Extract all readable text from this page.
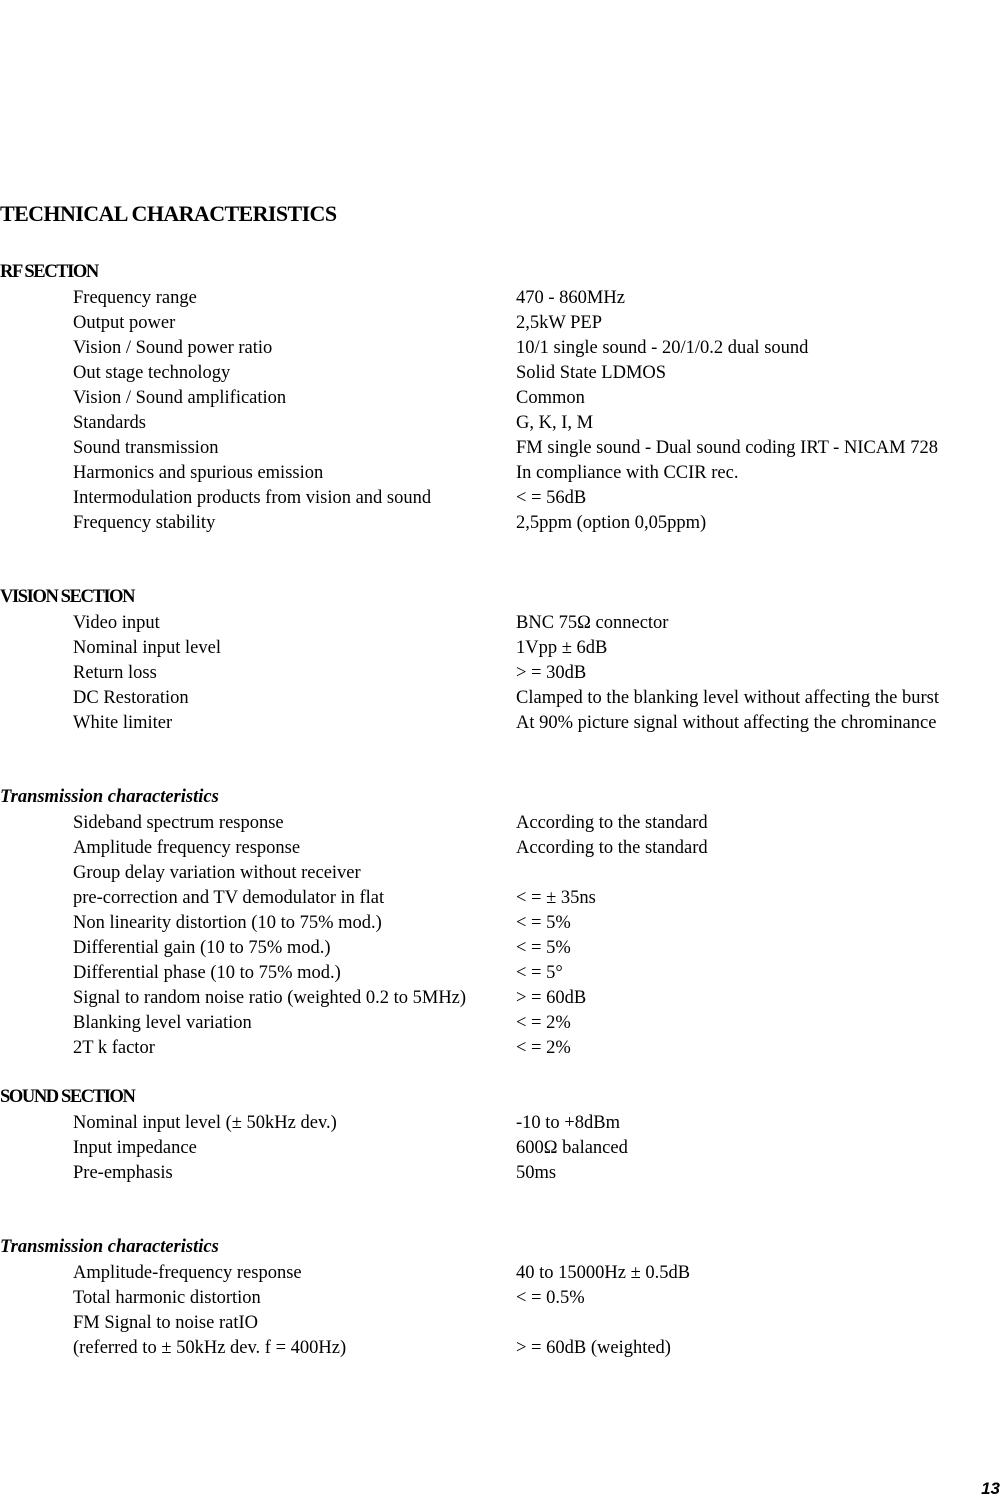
TECHNICAL CHARACTERISTICS
RF SECTION
Frequency range	470 - 860MHz
Output power	2,5kW PEP
Vision / Sound power ratio	10/1 single sound - 20/1/0.2 dual sound
Out stage technology	Solid State LDMOS
Vision / Sound amplification	Common
Standards	G, K, I, M
Sound transmission	FM single sound - Dual sound coding IRT - NICAM 728
Harmonics and spurious emission	In compliance with CCIR rec.
Intermodulation products from vision and sound	< = 56dB
Frequency stability	2,5ppm (option 0,05ppm)
VISION SECTION
Video input	BNC 75Ω connector
Nominal input level	1Vpp ± 6dB
Return loss	> = 30dB
DC Restoration	Clamped to the blanking level without affecting the burst
White limiter	At 90% picture signal without affecting the chrominance
Transmission characteristics
Sideband spectrum response	According to the standard
Amplitude frequency response	According to the standard
Group delay variation without receiver
pre-correction and TV demodulator in flat	< = ± 35ns
Non linearity distortion (10 to 75% mod.)	< = 5%
Differential gain (10 to 75% mod.)	< = 5%
Differential phase (10 to 75% mod.)	< = 5°
Signal to random noise ratio (weighted 0.2 to 5MHz)	> = 60dB
Blanking level variation	< = 2%
2T k factor	< = 2%
SOUND SECTION
Nominal input level (± 50kHz dev.)	-10 to +8dBm
Input impedance	600Ω balanced
Pre-emphasis	50ms
Transmission characteristics
Amplitude-frequency response	40 to 15000Hz ± 0.5dB
Total harmonic distortion	< = 0.5%
FM Signal to noise ratIO
(referred to ± 50kHz dev. f = 400Hz)	> = 60dB (weighted)
13
